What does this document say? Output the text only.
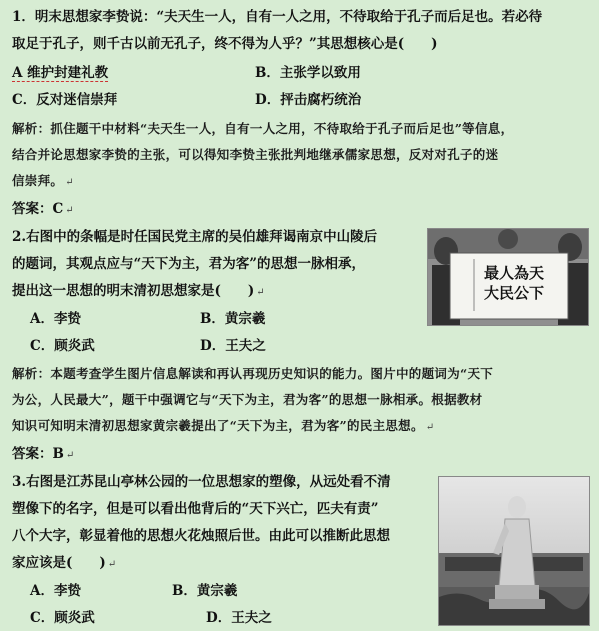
1．明末思想家李贽说：“夫天生一人，自有一人之用，不待取给于孔子而后足也。若必待
取足于孔子，则千古以前无孔子，终不得为人乎？”其思想核心是(　　)
A 维护封建礼教	B．主张学以致用
C．反对迷信崇拜	D．抨击腐朽统治
解析：抓住题干中材料“夫天生一人，自有一人之用，不待取给于孔子而后足也”等信息，
结合并论思想家李贽的主张，可以得知李贽主张批判地继承儒家思想，反对对孔子的迷
信崇拜。 ↵
答案：C ↵
2.右图中的条幅是时任国民党主席的吴伯雄拜谒南京中山陵后
的题词，其观点应与“天下为主，君为客”的思想一脉相承，
提出这一思想的明末清初思想家是(　　) ↵
A．李贽	B．黄宗羲
C．顾炎武	D．王夫之
最人為天
大民公下
解析：本题考查学生图片信息解读和再认再现历史知识的能力。图片中的题词为“天下
为公，人民最大”，题干中强调它与“天下为主，君为客”的思想一脉相承。根据教材
知识可知明末清初思想家黄宗羲提出了“天下为主，君为客”的民主思想。 ↵
答案：B ↵
3.右图是江苏昆山亭林公园的一位思想家的塑像，从远处看不清
塑像下的名字，但是可以看出他背后的“天下兴亡，匹夫有责”
八个大字，彰显着他的思想火花烛照后世。由此可以推断此思想
家应该是(　　) ↵
A．李贽	B．黄宗羲
C．顾炎武	D．王夫之
